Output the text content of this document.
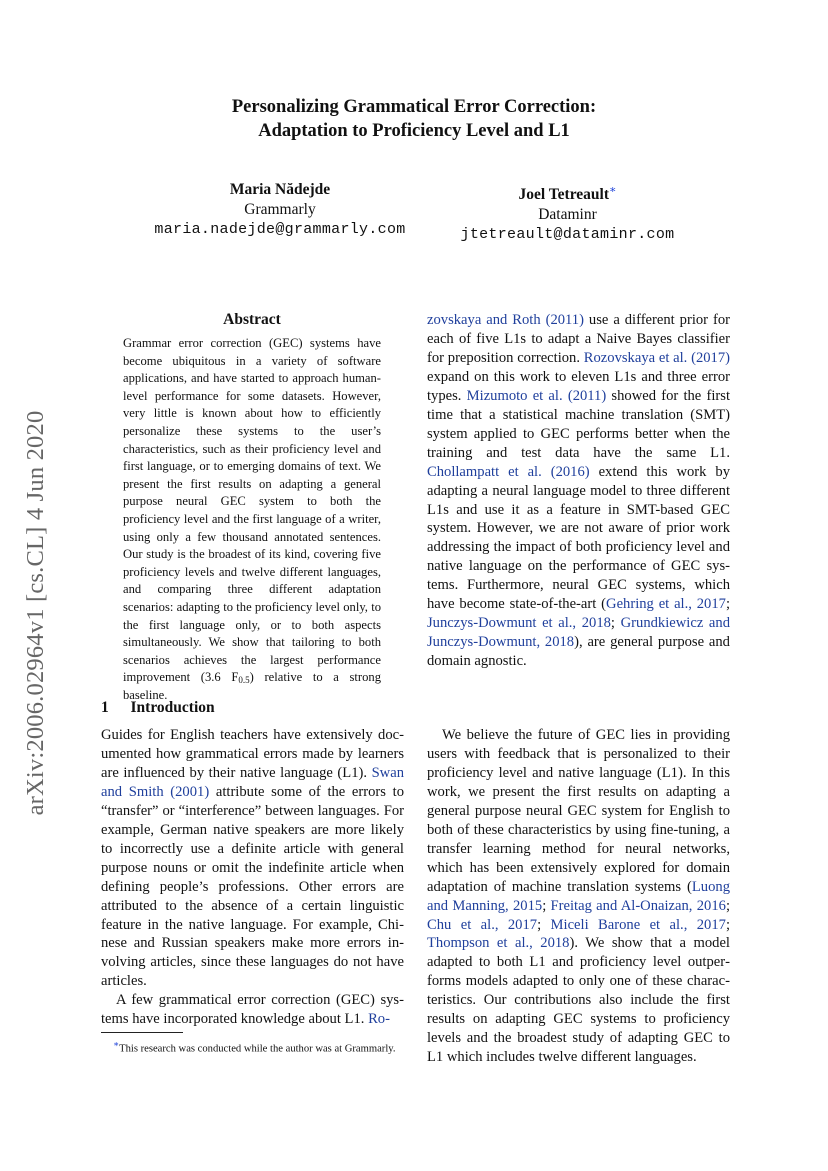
arXiv:2006.02964v1 [cs.CL] 4 Jun 2020
Personalizing Grammatical Error Correction:
Adaptation to Proficiency Level and L1
Maria Nădejde
Grammarly
maria.nadejde@grammarly.com
Joel Tetreault∗
Dataminr
jtetreault@dataminr.com
Abstract
Grammar error correction (GEC) systems have become ubiquitous in a variety of software applications, and have started to approach human-level performance for some datasets. However, very little is known about how to efficiently personalize these systems to the user’s characteristics, such as their proficiency level and first language, or to emerging domains of text. We present the first results on adapting a general purpose neural GEC system to both the proficiency level and the first language of a writer, using only a few thousand annotated sentences. Our study is the broadest of its kind, covering five proficiency levels and twelve different languages, and comparing three different adaptation scenarios: adapting to the proficiency level only, to the first language only, or to both aspects simultaneously. We show that tailoring to both scenarios achieves the largest performance improvement (3.6 $F_{0.5}$) relative to a strong baseline.
1 Introduction

Guides for English teachers have extensively documented how grammatical errors made by learners are influenced by their native language (L1). Swan and Smith (2001) attribute some of the errors to “transfer” or “interference” between languages. For example, German native speakers are more likely to incorrectly use a definite article with general purpose nouns or omit the indefinite article when defining people’s professions. Other errors are attributed to the absence of a certain linguistic feature in the native language. For example, Chinese and Russian speakers make more errors involving articles, since these languages do not have articles.

A few grammatical error correction (GEC) systems have incorporated knowledge about L1. Ro-

∗This research was conducted while the author was at Grammarly.

zovskaya and Roth (2011) use a different prior for each of five L1s to adapt a Naive Bayes classifier for preposition correction. Rozovskaya et al. (2017) expand on this work to eleven L1s and three error types. Mizumoto et al. (2011) showed for the first time that a statistical machine translation (SMT) system applied to GEC performs better when the training and test data have the same L1. Chollampatt et al. (2016) extend this work by adapting a neural language model to three different L1s and use it as a feature in SMT-based GEC system. However, we are not aware of prior work addressing the impact of both proficiency level and native language on the performance of GEC systems. Furthermore, neural GEC systems, which have become state-of-the-art (Gehring et al., 2017; Junczys-Dowmunt et al., 2018; Grundkiewicz and Junczys-Dowmunt, 2018), are general purpose and domain agnostic.

We believe the future of GEC lies in providing users with feedback that is personalized to their proficiency level and native language (L1). In this work, we present the first results on adapting a general purpose neural GEC system for English to both of these characteristics by using fine-tuning, a transfer learning method for neural networks, which has been extensively explored for domain adaptation of machine translation systems (Luong and Manning, 2015; Freitag and Al-Onaizan, 2016; Chu et al., 2017; Miceli Barone et al., 2017; Thompson et al., 2018). We show that a model adapted to both L1 and proficiency level outperforms models adapted to only one of these characteristics. Our contributions also include the first results on adapting GEC systems to proficiency levels and the broadest study of adapting GEC to L1 which includes twelve different languages.
